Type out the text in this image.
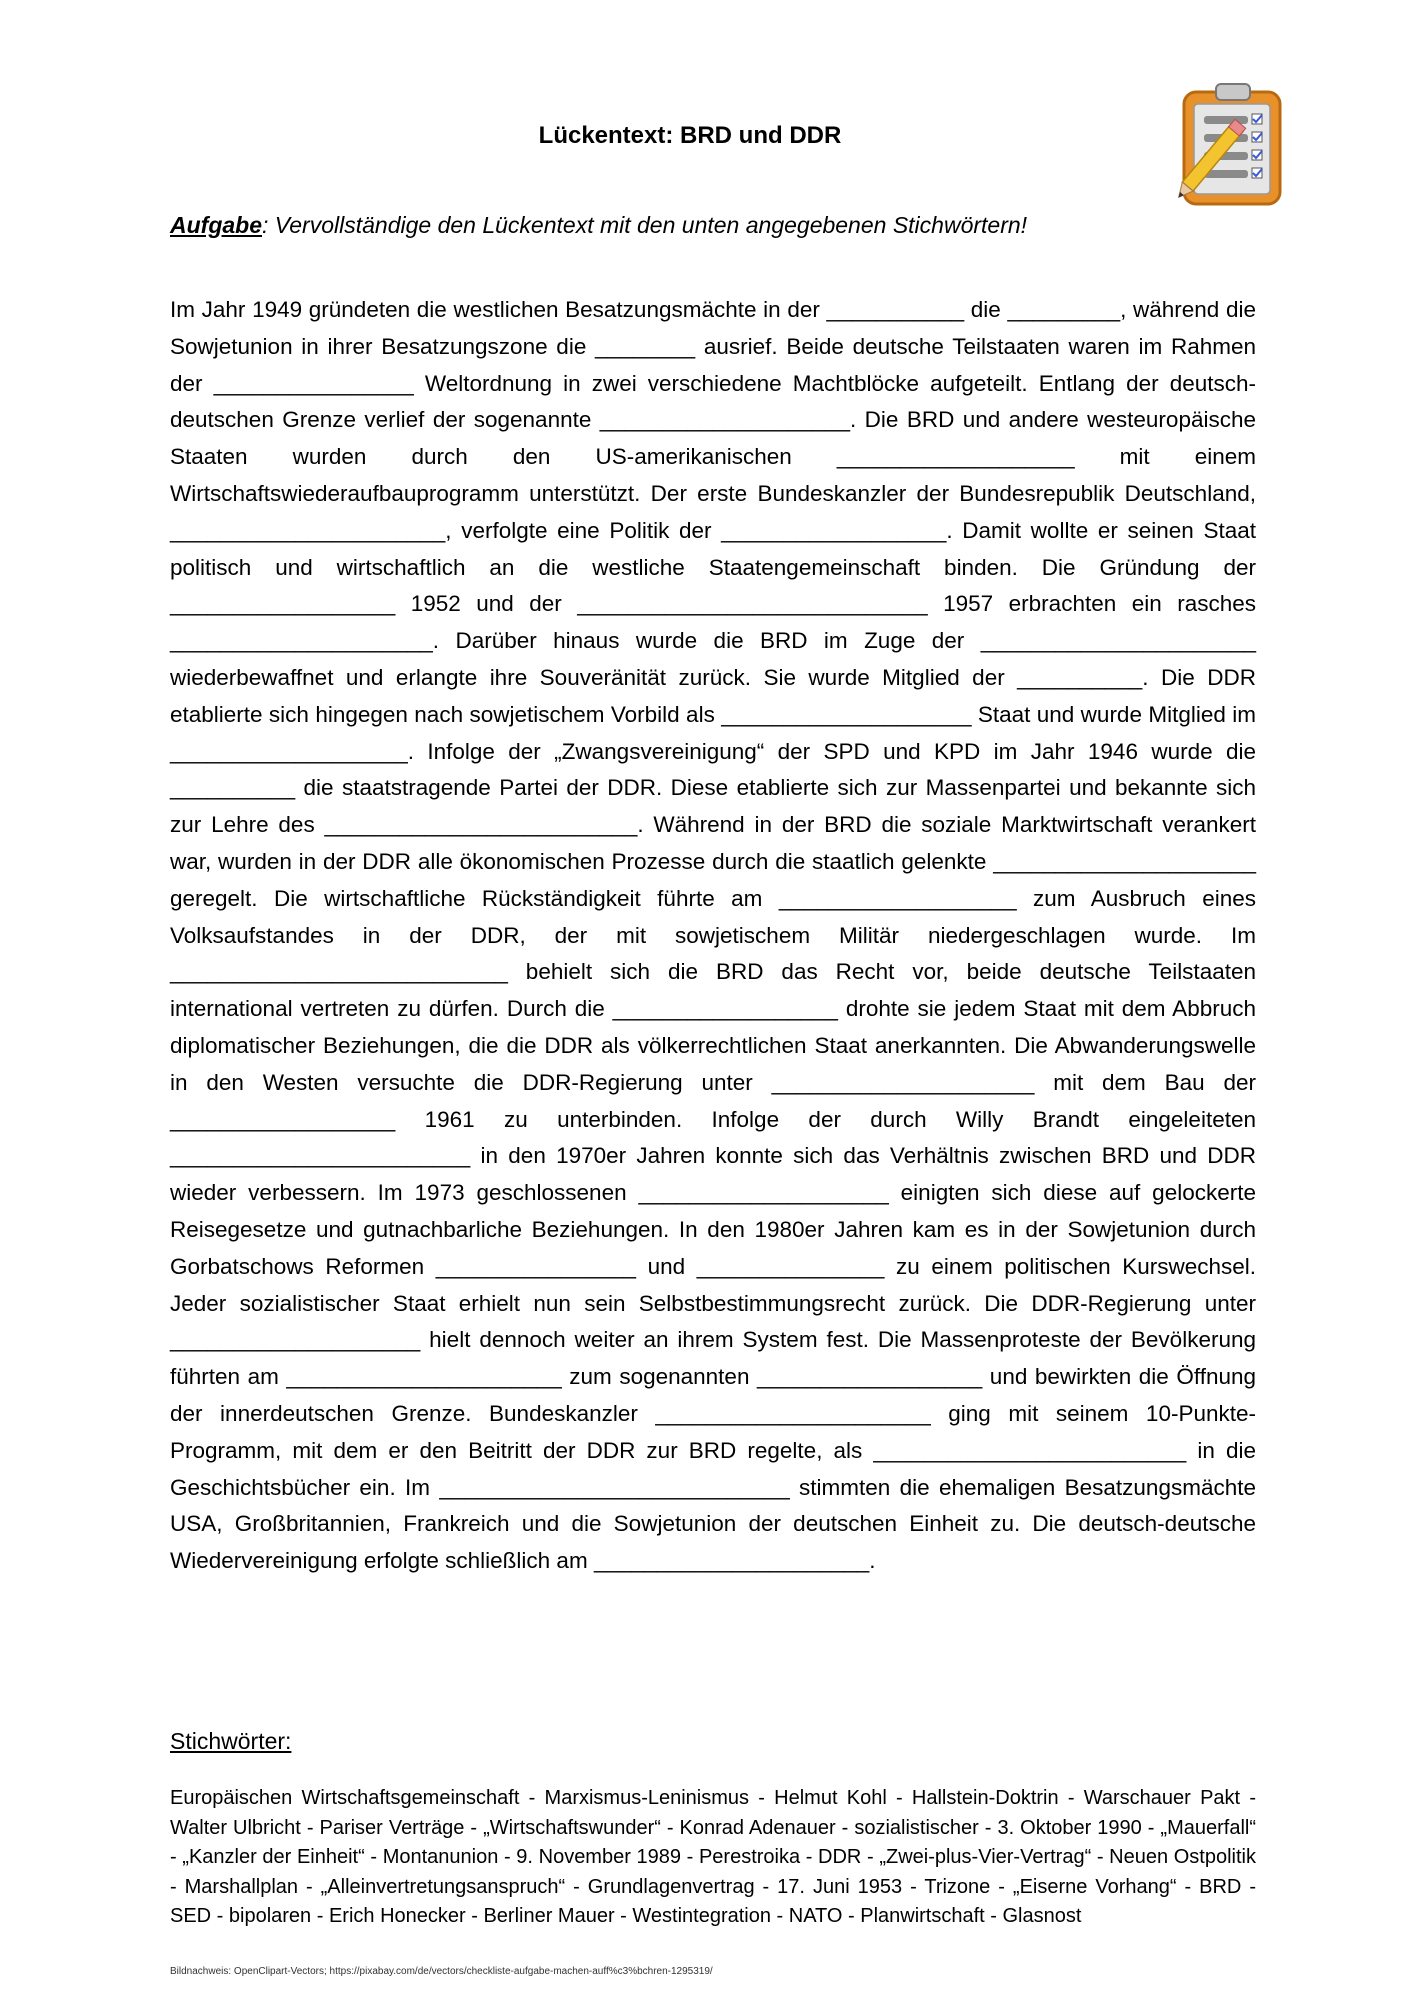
Lückentext: BRD und DDR
Aufgabe: Vervollständige den Lückentext mit den unten angegebenen Stichwörtern!

Im Jahr 1949 gründeten die westlichen Besatzungsmächte in der ___________ die _________, während die Sowjetunion in ihrer Besatzungszone die ________ ausrief. Beide deutsche Teilstaaten waren im Rahmen der ________________ Weltordnung in zwei verschiedene Machtblöcke aufgeteilt. Entlang der deutsch-deutschen Grenze verlief der sogenannte ____________________. Die BRD und andere westeuropäische Staaten wurden durch den US-amerikanischen ___________________ mit einem Wirtschaftswiederaufbauprogramm unterstützt. Der erste Bundeskanzler der Bundesrepublik Deutschland, ______________________, verfolgte eine Politik der __________________. Damit wollte er seinen Staat politisch und wirtschaftlich an die westliche Staatengemeinschaft binden. Die Gründung der __________________ 1952 und der ____________________________ 1957 erbrachten ein rasches _____________________. Darüber hinaus wurde die BRD im Zuge der ______________________ wiederbewaffnet und erlangte ihre Souveränität zurück. Sie wurde Mitglied der __________. Die DDR etablierte sich hingegen nach sowjetischem Vorbild als ____________________ Staat und wurde Mitglied im ___________________. Infolge der „Zwangsvereinigung“ der SPD und KPD im Jahr 1946 wurde die __________ die staatstragende Partei der DDR. Diese etablierte sich zur Massenpartei und bekannte sich zur Lehre des _________________________. Während in der BRD die soziale Marktwirtschaft verankert war, wurden in der DDR alle ökonomischen Prozesse durch die staatlich gelenkte _____________________ geregelt. Die wirtschaftliche Rückständigkeit führte am ___________________ zum Ausbruch eines Volksaufstandes in der DDR, der mit sowjetischem Militär niedergeschlagen wurde. Im ___________________________ behielt sich die BRD das Recht vor, beide deutsche Teilstaaten international vertreten zu dürfen. Durch die __________________ drohte sie jedem Staat mit dem Abbruch diplomatischer Beziehungen, die die DDR als völkerrechtlichen Staat anerkannten. Die Abwanderungswelle in den Westen versuchte die DDR-Regierung unter _____________________ mit dem Bau der __________________ 1961 zu unterbinden. Infolge der durch Willy Brandt eingeleiteten ________________________ in den 1970er Jahren konnte sich das Verhältnis zwischen BRD und DDR wieder verbessern. Im 1973 geschlossenen ____________________ einigten sich diese auf gelockerte Reisegesetze und gutnachbarliche Beziehungen. In den 1980er Jahren kam es in der Sowjetunion durch Gorbatschows Reformen ________________ und _______________ zu einem politischen Kurswechsel. Jeder sozialistischer Staat erhielt nun sein Selbstbestimmungsrecht zurück. Die DDR-Regierung unter ____________________ hielt dennoch weiter an ihrem System fest. Die Massenproteste der Bevölkerung führten am ______________________ zum sogenannten __________________ und bewirkten die Öffnung der innerdeutschen Grenze. Bundeskanzler ______________________ ging mit seinem 10-Punkte-Programm, mit dem er den Beitritt der DDR zur BRD regelte, als _________________________ in die Geschichtsbücher ein. Im ____________________________ stimmten die ehemaligen Besatzungsmächte USA, Großbritannien, Frankreich und die Sowjetunion der deutschen Einheit zu. Die deutsch-deutsche Wiedervereinigung erfolgte schließlich am ______________________.

Stichwörter:

Europäischen Wirtschaftsgemeinschaft - Marxismus-Leninismus - Helmut Kohl - Hallstein-Doktrin - Warschauer Pakt - Walter Ulbricht - Pariser Verträge - „Wirtschaftswunder“ - Konrad Adenauer - sozialistischer - 3. Oktober 1990 - „Mauerfall“ - „Kanzler der Einheit“ - Montanunion - 9. November 1989 - Perestroika - DDR - „Zwei-plus-Vier-Vertrag“ - Neuen Ostpolitik - Marshallplan - „Alleinvertretungsanspruch“ - Grundlagenvertrag - 17. Juni 1953 - Trizone - „Eiserne Vorhang“ - BRD - SED - bipolaren - Erich Honecker - Berliner Mauer - Westintegration - NATO - Planwirtschaft - Glasnost

Bildnachweis: OpenClipart-Vectors; https://pixabay.com/de/vectors/checkliste-aufgabe-machen-auff%c3%bchren-1295319/
